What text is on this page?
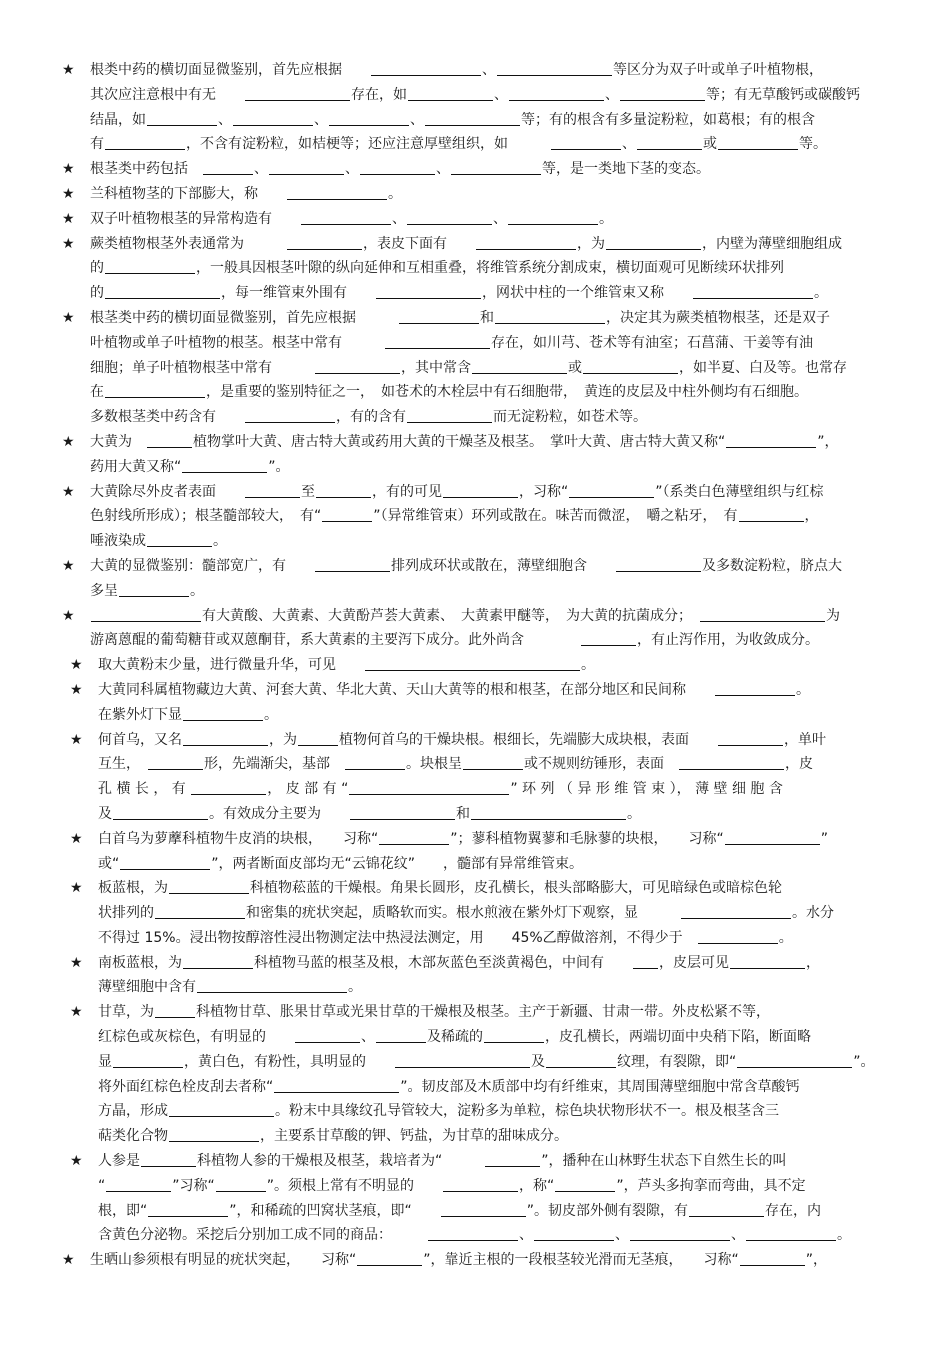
★ 根类中药的横切面显微鉴别，首先应根据　　	、	等区分为双子叶或单子叶植物根，
其次应注意根中有无　　	存在，如	、	、	等；有无草酸钙或碳酸钙
结晶，如	、	、	、	等；有的根含有多量淀粉粒，如葛根；有的根含
有	，不含有淀粉粒，如桔梗等；还应注意厚壁组织，如　　　	、	或	等。
★ 根茎类中药包括　	、	、	、	等，是一类地下茎的变态。
★ 兰科植物茎的下部膨大，称　　	。
★ 双子叶植物根茎的异常构造有　　	、	、	。
★ 蕨类植物根茎外表通常为　　　	，表皮下面有　　	，为	，内壁为薄壁细胞组成
的	，一般具因根茎叶隙的纵向延伸和互相重叠，将维管系统分割成束，横切面观可见断续环状排列
的	，每一维管束外围有　　	，网状中柱的一个维管束又称　　	。
★ 根茎类中药的横切面显微鉴别，首先应根据　　　	和	，决定其为蕨类植物根茎，还是双子
叶植物或单子叶植物的根茎。根茎中常有　　　	存在，如川芎、苍术等有油室；石菖蒲、干姜等有油
细胞；单子叶植物根茎中常有　　　	，其中常含	或	，如半夏、白及等。也常存
在	，是重要的鉴别特征之一，　如苍术的木栓层中有石细胞带，　黄连的皮层及中柱外侧均有石细胞。
多数根茎类中药含有　　	，有的含有	而无淀粉粒，如苍术等。
★ 大黄为　	植物掌叶大黄、唐古特大黄或药用大黄的干燥茎及根茎。　掌叶大黄、唐古特大黄又称“	”，
药用大黄又称“	”。
★ 大黄除尽外皮者表面　　	至	，有的可见	，习称“	”（系类白色薄壁组织与红棕
色射线所形成）；根茎髓部较大，　有“	”（异常维管束）环列或散在。味苦而微涩，　嚼之粘牙，　有	，
唾液染成	。
★ 大黄的显微鉴别：髓部宽广，有　　	排列成环状或散在，薄壁细胞含　　	及多数淀粉粒，脐点大
多呈	。
★	有大黄酸、大黄素、大黄酚芦荟大黄素、　大黄素甲醚等，　为大黄的抗菌成分；　	为
游离蒽醌的葡萄糖苷或双蒽酮苷，系大黄素的主要泻下成分。此外尚含　　　　	，有止泻作用，为收敛成分。
★ 取大黄粉末少量，进行微量升华，可见　　	。
★ 大黄同科属植物藏边大黄、河套大黄、华北大黄、天山大黄等的根和根茎，在部分地区和民间称　　	。
在紫外灯下显	。
★ 何首乌，又名	，为	植物何首乌的干燥块根。根细长，先端膨大成块根，表面　　	，单叶
互生，　	形，先端渐尖，基部　	。块根呈	或不规则纺锤形，表面　	，皮
孔 横 长 ， 有	， 皮 部 有 “	” 环 列 （ 异 形 维 管 束 ）， 薄 壁 细 胞 含
及	。有效成分主要为　　	和	。
★ 白首乌为萝藦科植物牛皮消的块根，　　习称“	”；蓼科植物翼蓼和毛脉蓼的块根，　　习称“	”
或“	”，两者断面皮部均无“云锦花纹”　　，髓部有异常维管束。
★ 板蓝根，为	科植物菘蓝的干燥根。角果长圆形，皮孔横长，根头部略膨大，可见暗绿色或暗棕色轮
状排列的	和密集的疣状突起，质略软而实。根水煎液在紫外灯下观察，显　　　	。水分
不得过 15%。浸出物按醇溶性浸出物测定法中热浸法测定，用　　45%乙醇做溶剂，不得少于　	。
★ 南板蓝根，为	科植物马蓝的根茎及根，木部灰蓝色至淡黄褐色，中间有　　，皮层可见	，
薄壁细胞中含有	。
★ 甘草，为	科植物甘草、胀果甘草或光果甘草的干燥根及根茎。主产于新疆、甘肃一带。外皮松紧不等，
红棕色或灰棕色，有明显的　　	、	及稀疏的	，皮孔横长，两端切面中央稍下陷，断面略
显	，黄白色，有粉性，具明显的　　	及	纹理，有裂隙，即“	”。
将外面红棕色栓皮刮去者称“	”。韧皮部及木质部中均有纤维束，其周围薄壁细胞中常含草酸钙
方晶，形成	。粉末中具缘纹孔导管较大，淀粉多为单粒，棕色块状物形状不一。根及根茎含三
萜类化合物	，主要系甘草酸的钾、钙盐，为甘草的甜味成分。
★ 人参是	科植物人参的干燥根及根茎，栽培者为“　　　	”，播种在山林野生状态下自然生长的叫
“	”习称“	”。须根上常有不明显的　　	，称“	”，芦头多拘挛而弯曲，具不定
根，即“	”，和稀疏的凹窝状茎痕，即“　　	”。韧皮部外侧有裂隙，有	存在，内
含黄色分泌物。采挖后分别加工成不同的商品：　　　	、	、	、	。
★ 生晒山参须根有明显的疣状突起，　　习称“	”，靠近主根的一段根茎较光滑而无茎痕，　　习称“	”，
